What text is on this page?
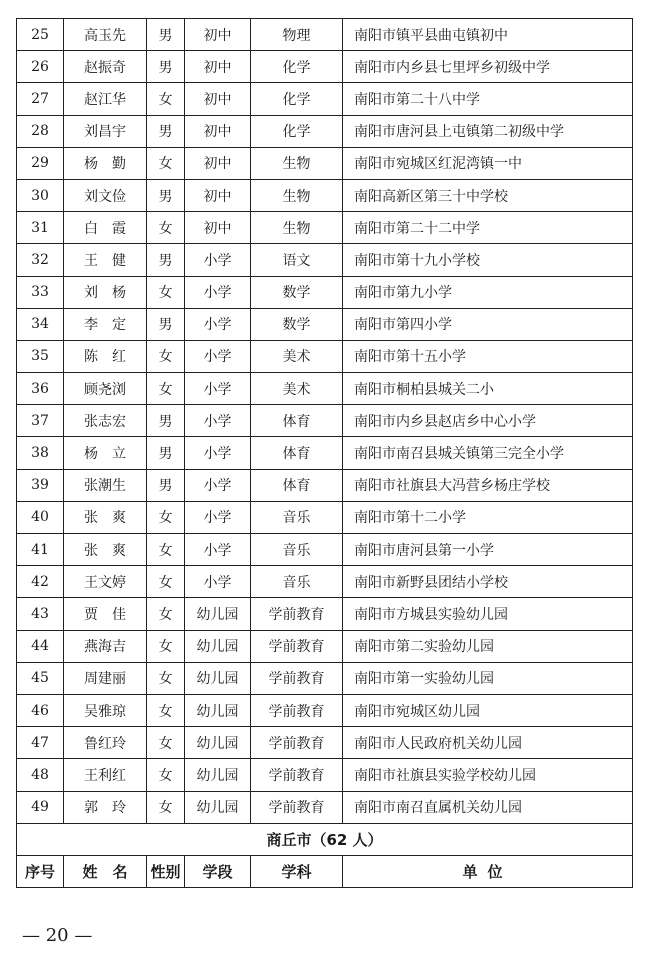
25	高玉先	男	初中	物理	南阳市镇平县曲屯镇初中
26	赵振奇	男	初中	化学	南阳市内乡县七里坪乡初级中学
27	赵江华	女	初中	化学	南阳市第二十八中学
28	刘昌宇	男	初中	化学	南阳市唐河县上屯镇第二初级中学
29	杨　勤	女	初中	生物	南阳市宛城区红泥湾镇一中
30	刘文俭	男	初中	生物	南阳高新区第三十中学校
31	白　霞	女	初中	生物	南阳市第二十二中学
32	王　健	男	小学	语文	南阳市第十九小学校
33	刘　杨	女	小学	数学	南阳市第九小学
34	李　定	男	小学	数学	南阳市第四小学
35	陈　红	女	小学	美术	南阳市第十五小学
36	顾尧浏	女	小学	美术	南阳市桐柏县城关二小
37	张志宏	男	小学	体育	南阳市内乡县赵店乡中心小学
38	杨　立	男	小学	体育	南阳市南召县城关镇第三完全小学
39	张潮生	男	小学	体育	南阳市社旗县大冯营乡杨庄学校
40	张　爽	女	小学	音乐	南阳市第十二小学
41	张　爽	女	小学	音乐	南阳市唐河县第一小学
42	王文婷	女	小学	音乐	南阳市新野县团结小学校
43	贾　佳	女	幼儿园	学前教育	南阳市方城县实验幼儿园
44	燕海吉	女	幼儿园	学前教育	南阳市第二实验幼儿园
45	周建丽	女	幼儿园	学前教育	南阳市第一实验幼儿园
46	吴雅琼	女	幼儿园	学前教育	南阳市宛城区幼儿园
47	鲁红玲	女	幼儿园	学前教育	南阳市人民政府机关幼儿园
48	王利红	女	幼儿园	学前教育	南阳市社旗县实验学校幼儿园
49	郭　玲	女	幼儿园	学前教育	南阳市南召直属机关幼儿园
商丘市（62 人）					
序号	姓　名	性别	学段	学科	单位
— 20 —
